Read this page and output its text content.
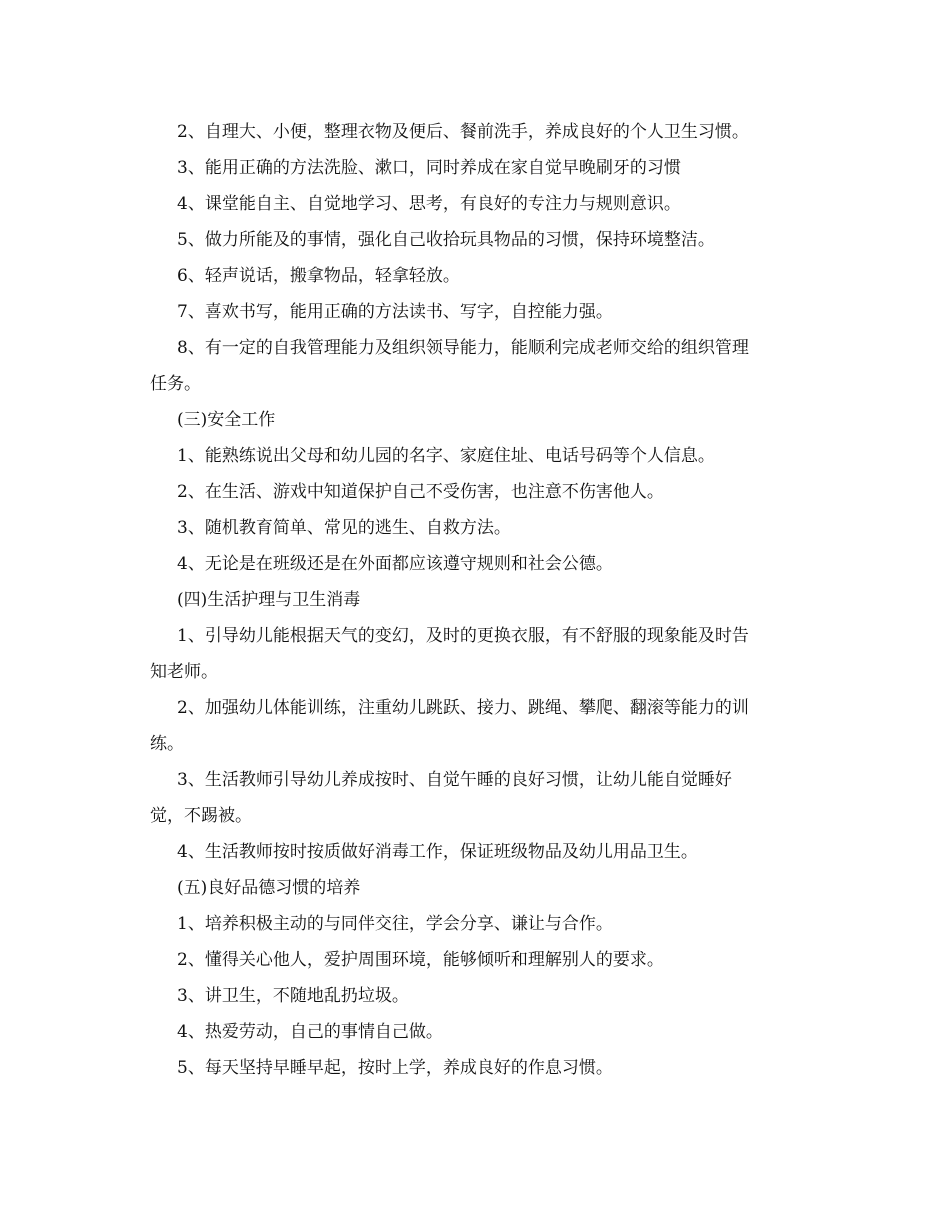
2、自理大、小便，整理衣物及便后、餐前洗手，养成良好的个人卫生习惯。

3、能用正确的方法洗脸、漱口，同时养成在家自觉早晚刷牙的习惯

4、课堂能自主、自觉地学习、思考，有良好的专注力与规则意识。

5、做力所能及的事情，强化自己收拾玩具物品的习惯，保持环境整洁。

6、轻声说话，搬拿物品，轻拿轻放。

7、喜欢书写，能用正确的方法读书、写字，自控能力强。

8、有一定的自我管理能力及组织领导能力，能顺利完成老师交给的组织管理

任务。

(三)安全工作

1、能熟练说出父母和幼儿园的名字、家庭住址、电话号码等个人信息。

2、在生活、游戏中知道保护自己不受伤害，也注意不伤害他人。

3、随机教育简单、常见的逃生、自救方法。

4、无论是在班级还是在外面都应该遵守规则和社会公德。

(四)生活护理与卫生消毒

1、引导幼儿能根据天气的变幻，及时的更换衣服，有不舒服的现象能及时告

知老师。

2、加强幼儿体能训练，注重幼儿跳跃、接力、跳绳、攀爬、翻滚等能力的训

练。

3、生活教师引导幼儿养成按时、自觉午睡的良好习惯，让幼儿能自觉睡好

觉，不踢被。

4、生活教师按时按质做好消毒工作，保证班级物品及幼儿用品卫生。

(五)良好品德习惯的培养

1、培养积极主动的与同伴交往，学会分享、谦让与合作。

2、懂得关心他人，爱护周围环境，能够倾听和理解别人的要求。

3、讲卫生，不随地乱扔垃圾。

4、热爱劳动，自己的事情自己做。

5、每天坚持早睡早起，按时上学，养成良好的作息习惯。
